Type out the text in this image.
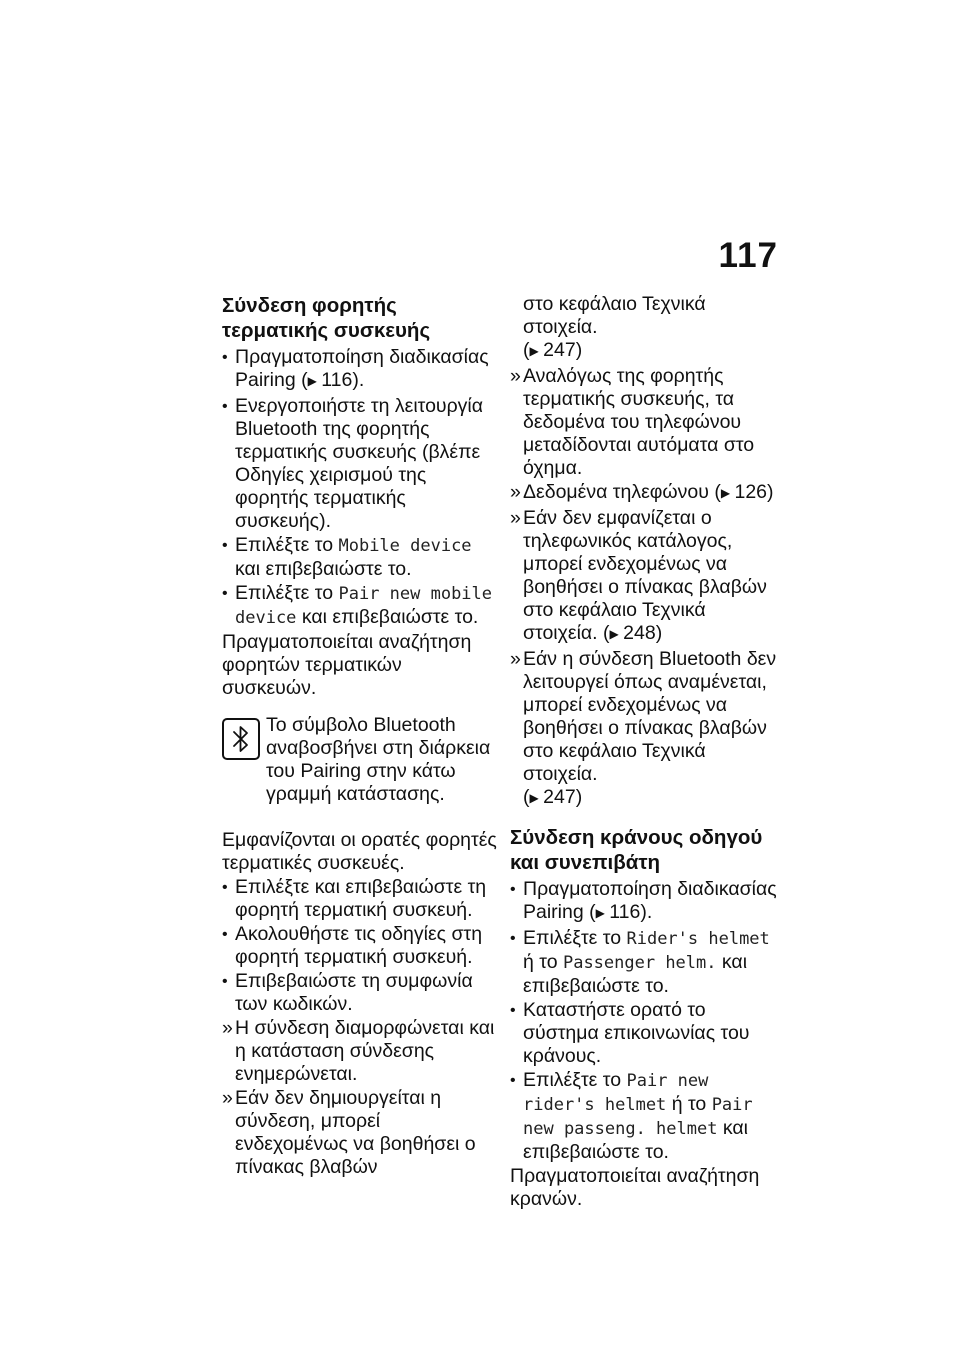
117
Σύνδεση φορητής
τερματικής συσκευής
• Πραγματοποίηση διαδικασίας Pairing (▶ 116).
• Ενεργοποιήστε τη λειτουργία Bluetooth της φορητής τερματικής συσκευής (βλέπε Οδηγίες χειρισμού της φορητής τερματικής συσκευής).
• Επιλέξτε το Mobile device και επιβεβαιώστε το.
• Επιλέξτε το Pair new mobile device και επιβεβαιώστε το.

Πραγματοποιείται αναζήτηση φορητών τερματικών συσκευών.

Το σύμβολο Bluetooth αναβοσβήνει στη διάρκεια του Pairing στην κάτω γραμμή κατάστασης.

Εμφανίζονται οι ορατές φορητές τερματικές συσκευές.

• Επιλέξτε και επιβεβαιώστε τη φορητή τερματική συσκευή.
• Ακολουθήστε τις οδηγίες στη φορητή τερματική συσκευή.
• Επιβεβαιώστε τη συμφωνία των κωδικών.
» Η σύνδεση διαμορφώνεται και η κατάσταση σύνδεσης ενημερώνεται.
» Εάν δεν δημιουργείται η σύνδεση, μπορεί ενδεχομένως να βοηθήσει ο πίνακας βλαβών
στο κεφάλαιο Τεχνικά στοιχεία.
(▶ 247)
» Αναλόγως της φορητής τερματικής συσκευής, τα δεδομένα του τηλεφώνου μεταδίδονται αυτόματα στο όχημα.
» Δεδομένα τηλεφώνου (▶ 126)
» Εάν δεν εμφανίζεται ο τηλεφωνικός κατάλογος, μπορεί ενδεχομένως να βοηθήσει ο πίνακας βλαβών στο κεφάλαιο Τεχνικά στοιχεία. (▶ 248)
» Εάν η σύνδεση Bluetooth δεν λειτουργεί όπως αναμένεται, μπορεί ενδεχομένως να βοηθήσει ο πίνακας βλαβών στο κεφάλαιο Τεχνικά στοιχεία.
(▶ 247)
Σύνδεση κράνους οδηγού
και συνεπιβάτη
• Πραγματοποίηση διαδικασίας Pairing (▶ 116).
• Επιλέξτε το Rider's helmet ή το Passenger helm. και επιβεβαιώστε το.
• Καταστήστε ορατό το σύστημα επικοινωνίας του κράνους.
• Επιλέξτε το Pair new rider's helmet ή το Pair new passeng. helmet και επιβεβαιώστε το.

Πραγματοποιείται αναζήτηση κρανών.
